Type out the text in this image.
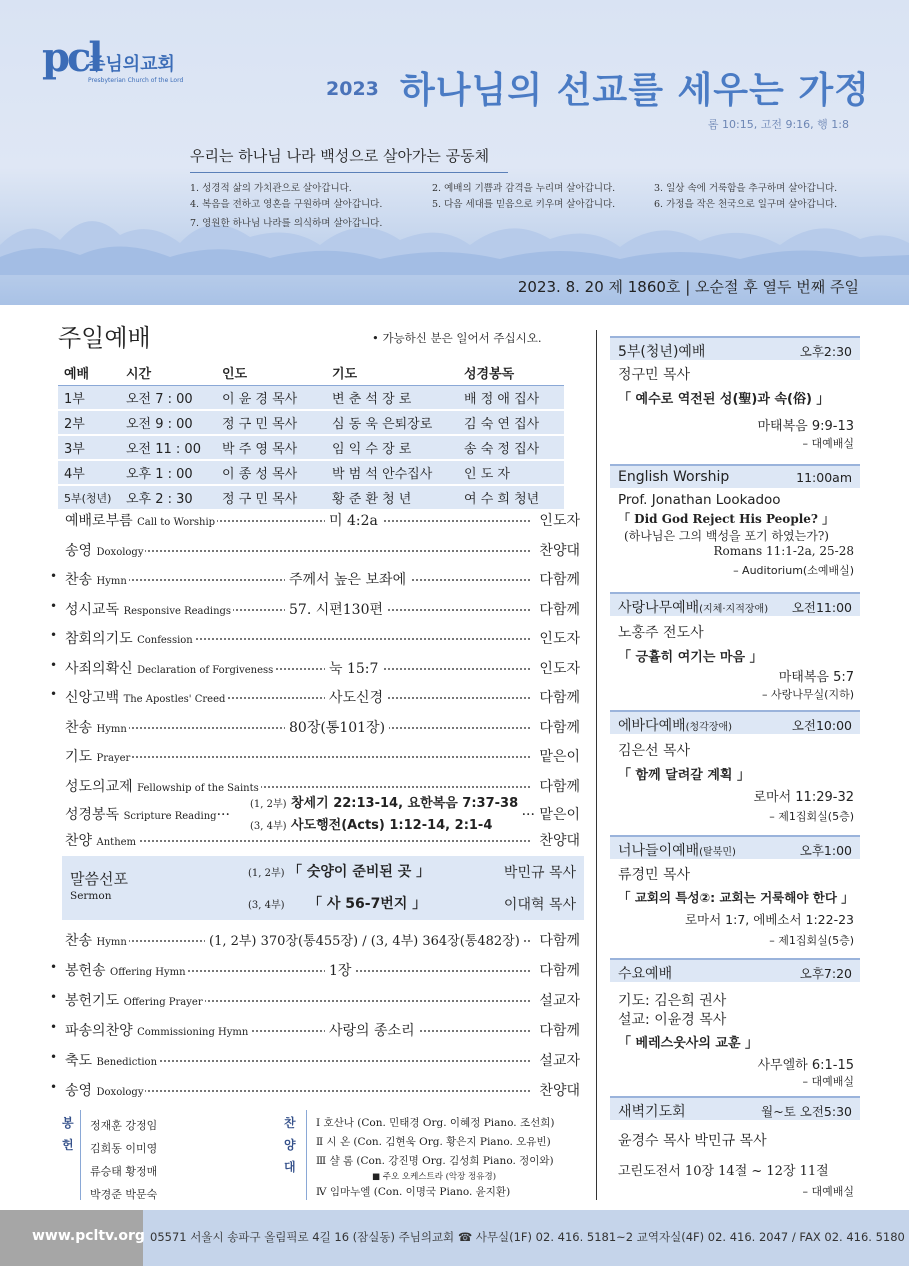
pcl
주님의교회
Presbyterian Church of the Lord	2023 하나님의 선교를 세우는 가정
롬 10:15, 고전 9:16, 행 1:8
우리는 하나님 나라 백성으로 살아가는 공동체
1. 성경적 삶의 가치관으로 살아갑니다.	2. 예배의 기쁨과 감격을 누리며 살아갑니다.	3. 일상 속에 거룩함을 추구하며 살아갑니다.
4. 복음을 전하고 영혼을 구원하며 살아갑니다.	5. 다음 세대를 믿음으로 키우며 살아갑니다.	6. 가정을 작은 천국으로 일구며 살아갑니다.
7. 영원한 하나님 나라를 의식하며 살아갑니다.
2023. 8. 20 제 1860호 | 오순절 후 열두 번째 주일
주일예배	• 가능하신 분은 일어서 주십시오.
예배	시간	인도	기도	성경봉독
1부	오전 7 : 00	이 윤 경 목사	변 춘 석 장 로	배 정 애 집사
2부	오전 9 : 00	정 구 민 목사	심 동 욱 은퇴장로	김 숙 연 집사
3부	오전 11 : 00	박 주 영 목사	임 익 수 장 로	송 숙 정 집사
4부	오후 1 : 00	이 종 성 목사	박 범 석 안수집사	인 도 자
5부(청년)	오후 2 : 30	정 구 민 목사	황 준 환 청 년	여 수 희 청년
예배로부름 Call to Worship	미 4:2a	인도자
송영 Doxology	찬양대
• 찬송 Hymn	주께서 높은 보좌에	다함께
• 성시교독 Responsive Readings	57. 시편130편	다함께
• 참회의기도 Confession	인도자
• 사죄의확신 Declaration of Forgiveness	눅 15:7	인도자
• 신앙고백 The Apostles' Creed	사도신경	다함께
찬송 Hymn	80장(통101장)	다함께
기도 Prayer	맡은이
성도의교제 Fellowship of the Saints	다함께
성경봉독 Scripture Reading···
(1, 2부) 창세기 22:13-14, 요한복음 7:37-38
(3, 4부) 사도행전(Acts) 1:12-14, 2:1-4
··· 맡은이
찬양 Anthem	찬양대
말씀선포
Sermon
(1, 2부) 「 숫양이 준비된 곳 」	박민규 목사
(3, 4부) 「 사 56-7번지 」	이대혁 목사
찬송 Hymn	(1, 2부) 370장(통455장) / (3, 4부) 364장(통482장) 다함께
• 봉헌송 Offering Hymn	1장	다함께
• 봉헌기도 Offering Prayer	설교자
• 파송의찬양 Commissioning Hymn	사랑의 종소리	다함께
• 축도 Benediction	설교자
• 송영 Doxology	찬양대
봉
헌
정재훈 강정임
김희동 이미영
류승태 황정매
박경준 박문숙
찬
양
대
Ⅰ 호산나 (Con. 민태경 Org. 이혜정 Piano. 조선희)
Ⅱ 시 온 (Con. 김현욱 Org. 황은지 Piano. 오유빈)
Ⅲ 샬 롬 (Con. 강진명 Org. 김성희 Piano. 정이와)
■ 주오 오케스트라 (악장 정유경)
Ⅳ 임마누엘 (Con. 이명국 Piano. 윤지환)
5부(청년)예배	오후2:30
정구민 목사
「 예수로 역전된 성(聖)과 속(俗) 」
마태복음 9:9-13
– 대예배실
English Worship	11:00am
Prof. Jonathan Lookadoo
「 Did God Reject His People? 」
(하나님은 그의 백성을 포기 하였는가?)
Romans 11:1-2a, 25-28
– Auditorium(소예배실)
사랑나무예배(지체·지적장애) 오전11:00
노홍주 전도사
「 긍휼히 여기는 마음 」
마태복음 5:7
– 사랑나무실(지하)
에바다예배(청각장애)	오전10:00
김은선 목사
「 함께 달려갈 계획 」
로마서 11:29-32
– 제1집회실(5층)
너나들이예배(탈북민)	오후1:00
류경민 목사
「 교회의 특성②: 교회는 거룩해야 한다 」
로마서 1:7, 에베소서 1:22-23
– 제1집회실(5층)
수요예배	오후7:20
기도: 김은희 권사
설교: 이윤경 목사
「 베레스웃사의 교훈 」
사무엘하 6:1-15
– 대예배실
새벽기도회	월~토 오전5:30
윤경수 목사 박민규 목사
고린도전서 10장 14절 ~ 12장 11절
– 대예배실
www.pcltv.org 05571 서울시 송파구 올림픽로 4길 16 (잠실동) 주님의교회 ☎ 사무실(1F) 02. 416. 5181~2 교역자실(4F) 02. 416. 2047 / FAX 02. 416. 5180
